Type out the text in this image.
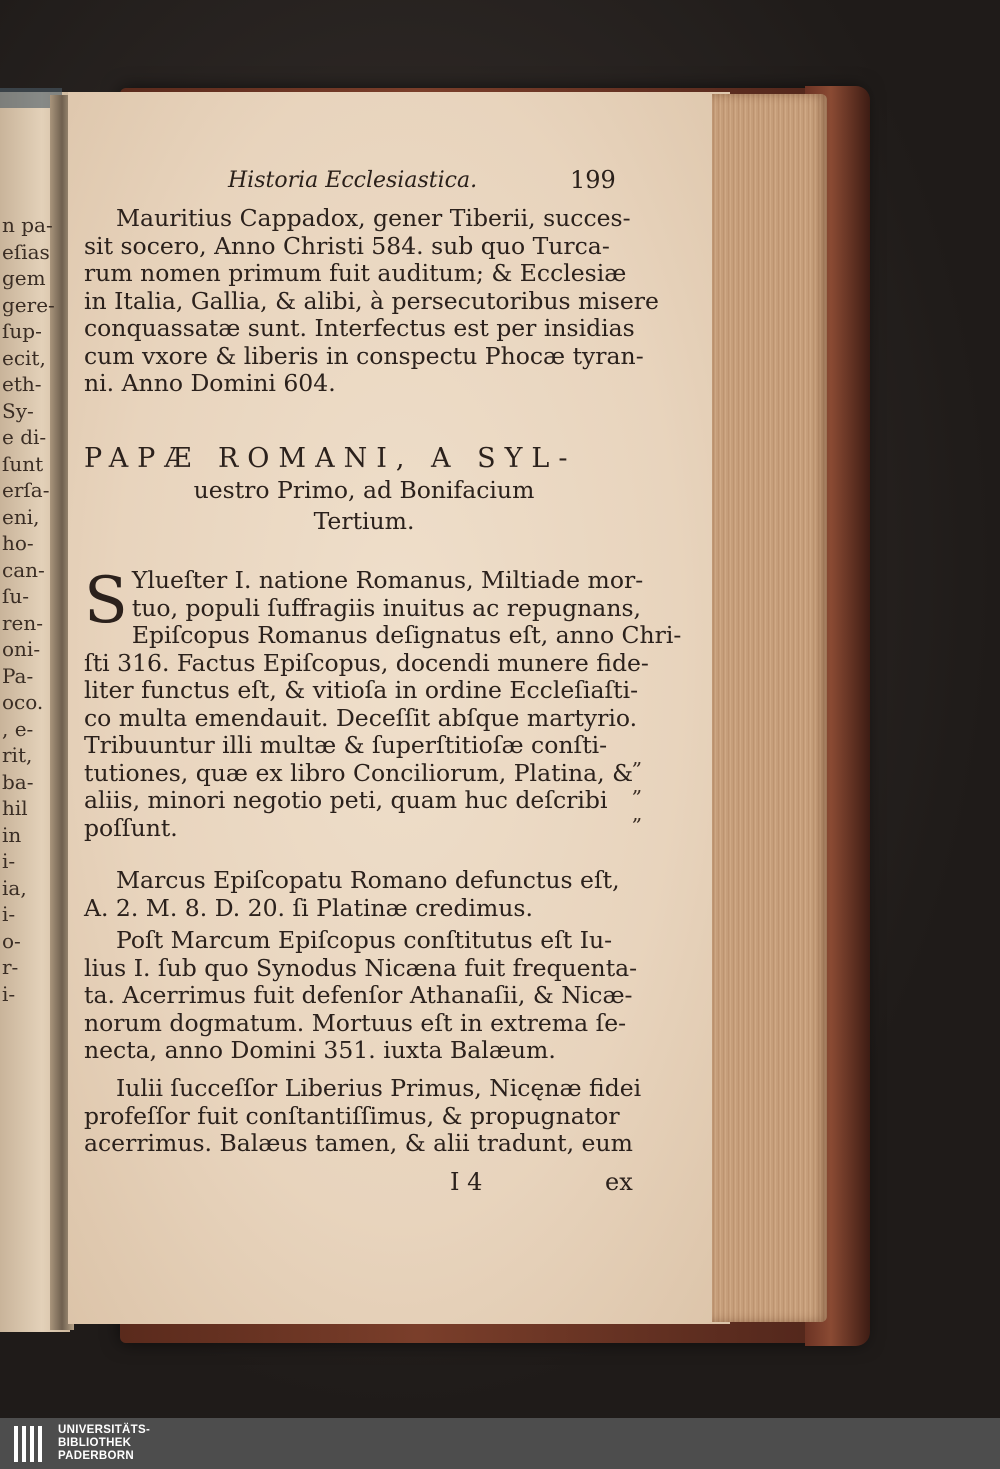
n pa-
eſias
gem
gere-
ſup-
ecit,
eth-
Sy-
e di-
ſunt
erſa-
eni,
ho-
can-
ſu-
ren-
oni-
Pa-
oco.
, e-
rit,
ba-
hil
in
i-
ia,
i-
o-
r-
i-
Historia Ecclesiastica.	199
Mauritius Cappadox, gener Tiberii, succes-
sit socero, Anno Christi 584. sub quo Turca-
rum nomen primum fuit auditum; & Ecclesiæ
in Italia, Gallia, & alibi, à persecutoribus misere
conquassatæ sunt. Interfectus est per insidias
cum vxore & liberis in conspectu Phocæ tyran-
ni. Anno Domini 604.
PAPÆ ROMANI, A SYL-
uestro Primo, ad Bonifacium
Tertium.
S Ylueſter I. natione Romanus, Miltiade mor-
tuo, populi ſuffragiis inuitus ac repugnans,
Epiſcopus Romanus deſignatus eſt, anno Chri-
ſti 316. Factus Epiſcopus, docendi munere fide-
liter functus eſt, & vitioſa in ordine Eccleſiaſti-
co multa emendauit. Deceſſit abſque martyrio.
Tribuuntur illi multæ & ſuperſtitioſæ conſti-
tutiones, quæ ex libro Conciliorum, Platina, &
aliis, minori negotio peti, quam huc deſcribi
poſſunt.
„
„
„
Marcus Epiſcopatu Romano defunctus eſt,
A. 2. M. 8. D. 20. ſi Platinæ credimus.
Poſt Marcum Epiſcopus conſtitutus eſt Iu-
lius I. ſub quo Synodus Nicæna fuit frequenta-
ta. Acerrimus fuit defenſor Athanaſii, & Nicæ-
norum dogmatum. Mortuus eſt in extrema ſe-
necta, anno Domini 351. iuxta Balæum.
Iulii ſucceſſor Liberius Primus, Nicęnæ fidei
profeſſor fuit conſtantiſſimus, & propugnator
acerrimus. Balæus tamen, & alii tradunt, eum
I 4	ex
UNIVERSITÄTS-
BIBLIOTHEK
PADERBORN
